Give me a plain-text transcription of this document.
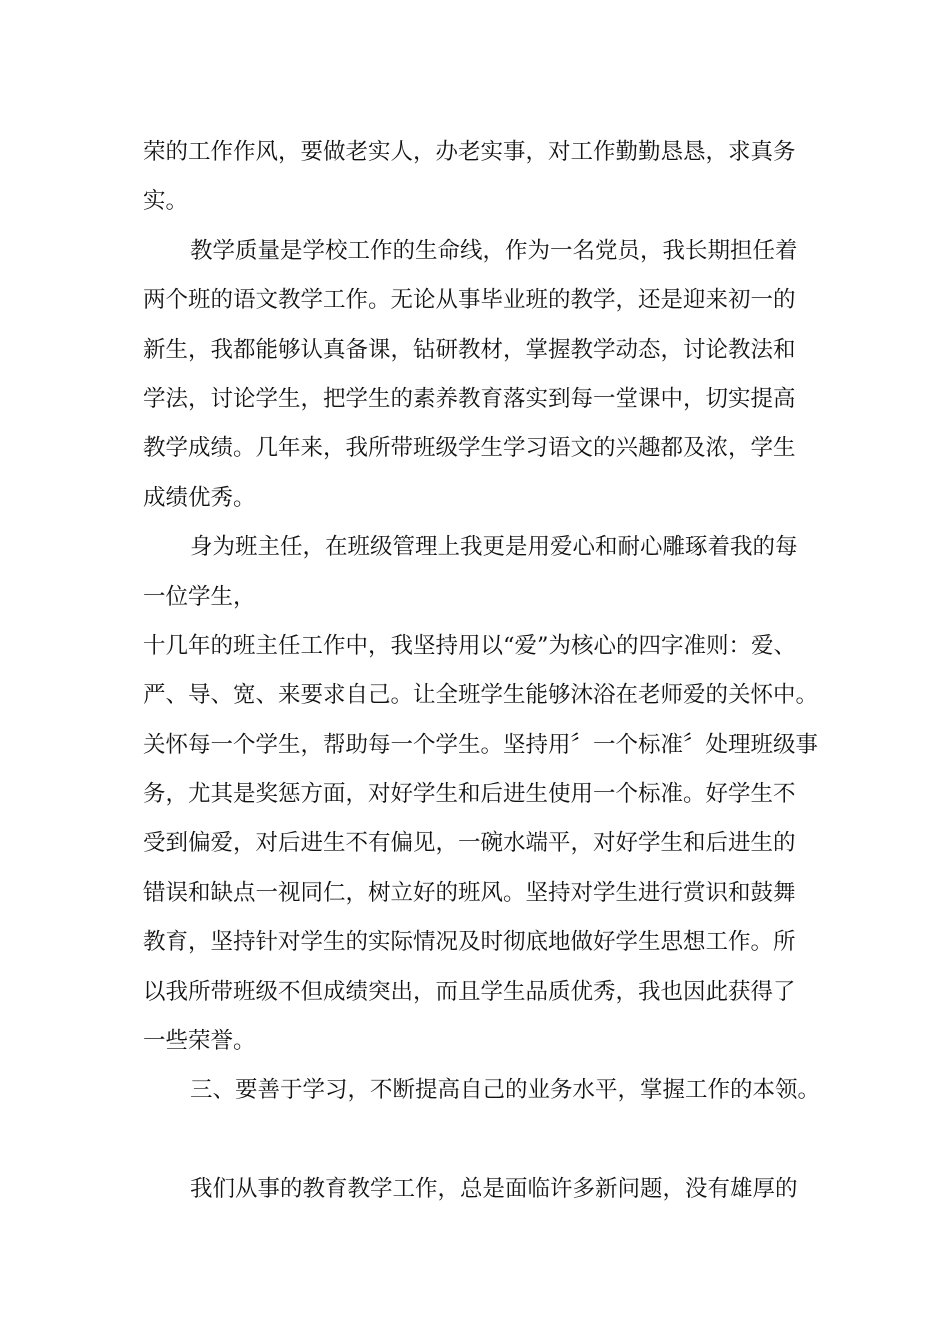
荣的工作作风，要做老实人，办老实事，对工作勤勤恳恳，求真务
实。
教学质量是学校工作的生命线，作为一名党员，我长期担任着
两个班的语文教学工作。无论从事毕业班的教学，还是迎来初一的
新生，我都能够认真备课，钻研教材，掌握教学动态，讨论教法和
学法，讨论学生，把学生的素养教育落实到每一堂课中，切实提高
教学成绩。几年来，我所带班级学生学习语文的兴趣都及浓，学生
成绩优秀。
身为班主任，在班级管理上我更是用爱心和耐心雕琢着我的每
一位学生，
十几年的班主任工作中，我坚持用以“爱”为核心的四字准则：爱、
严、导、宽、来要求自己。让全班学生能够沐浴在老师爱的关怀中。
关怀每一个学生，帮助每一个学生。坚持用〞一个标准〞处理班级事
务，尤其是奖惩方面，对好学生和后进生使用一个标准。好学生不
受到偏爱，对后进生不有偏见，一碗水端平，对好学生和后进生的
错误和缺点一视同仁，树立好的班风。坚持对学生进行赏识和鼓舞
教育，坚持针对学生的实际情况及时彻底地做好学生思想工作。所
以我所带班级不但成绩突出，而且学生品质优秀，我也因此获得了
一些荣誉。
三、要善于学习，不断提高自己的业务水平，掌握工作的本领。
我们从事的教育教学工作，总是面临许多新问题，没有雄厚的
